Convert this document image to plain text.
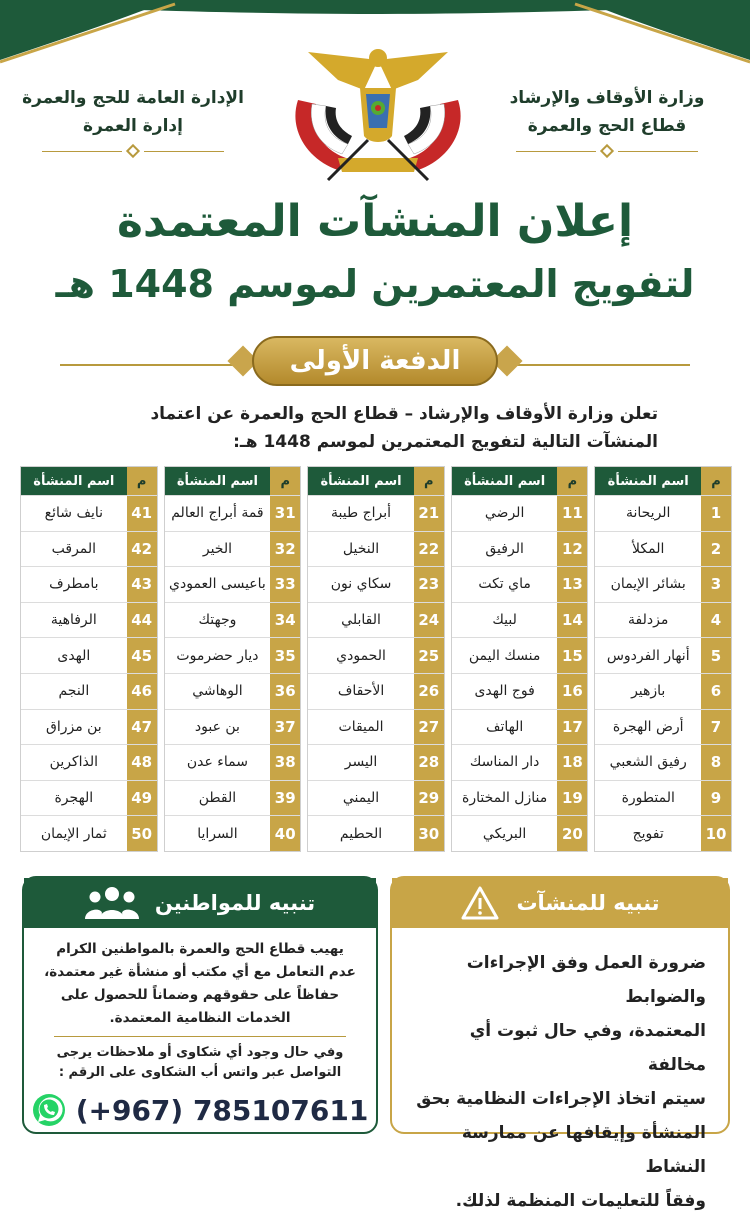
وزارة الأوقاف والإرشاد
قطاع الحج والعمرة
الإدارة العامة للحج والعمرة
إدارة العمرة
إعلان المنشآت المعتمدة
لتفويج المعتمرين لموسم 1448 هـ
الدفعة الأولى
تعلن وزارة الأوقاف والإرشاد – قطاع الحج والعمرة عن اعتماد
المنشآت التالية لتفويج المعتمرين لموسم 1448 هـ:
م
اسم المنشأة
1
الريحانة
2
المكلأ
3
بشائر الإيمان
4
مزدلفة
5
أنهار الفردوس
6
بازهير
7
أرض الهجرة
8
رفيق الشعبي
9
المتطورة
10
تفويج
م
اسم المنشأة
11
الرضي
12
الرفيق
13
ماي تكت
14
لبيك
15
منسك اليمن
16
فوج الهدى
17
الهاتف
18
دار المناسك
19
منازل المختارة
20
البريكي
م
اسم المنشأة
21
أبراج طيبة
22
النخيل
23
سكاي نون
24
القابلي
25
الحمودي
26
الأحقاف
27
الميقات
28
اليسر
29
اليمني
30
الحطيم
م
اسم المنشأة
31
قمة أبراج العالم
32
الخير
33
باعيسى العمودي
34
وجهتك
35
ديار حضرموت
36
الوهاشي
37
بن عبود
38
سماء عدن
39
القطن
40
السرايا
م
اسم المنشأة
41
نايف شائع
42
المرقب
43
بامطرف
44
الرفاهية
45
الهدى
46
النجم
47
بن مزراق
48
الذاكرين
49
الهجرة
50
ثمار الإيمان
تنبيه للمواطنين
يهيب قطاع الحج والعمرة بالمواطنين الكرام
عدم التعامل مع أي مكتب أو منشأة غير معتمدة،
حفاظاً على حقوقهم وضماناً للحصول على
الخدمات النظامية المعتمدة.
وفي حال وجود أي شكاوى أو ملاحظات يرجى
التواصل عبر واتس أب الشكاوى على الرقم :
(+967) 785107611
تنبيه للمنشآت
ضرورة العمل وفق الإجراءات والضوابط
المعتمدة، وفي حال ثبوت أي مخالفة
سيتم اتخاذ الإجراءات النظامية بحق
المنشأة وإيقافها عن ممارسة النشاط
وفقاً للتعليمات المنظمة لذلك.
